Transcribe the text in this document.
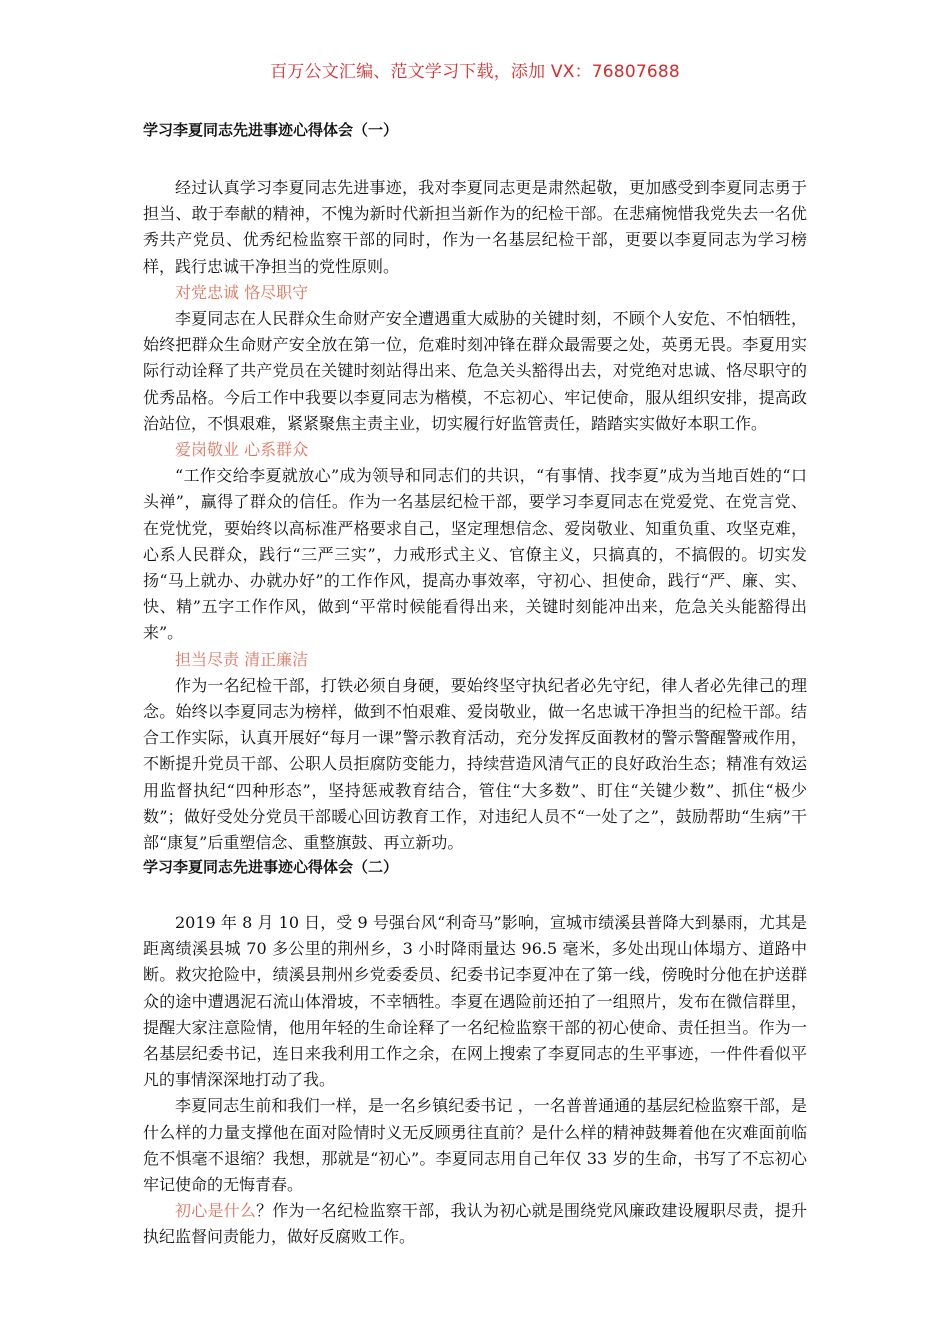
百万公文汇编、范文学习下载，添加 VX：76807688
学习李夏同志先进事迹心得体会（一）

经过认真学习李夏同志先进事迹，我对李夏同志更是肃然起敬，更加感受到李夏同志勇于担当、敢于奉献的精神，不愧为新时代新担当新作为的纪检干部。在悲痛惋惜我党失去一名优秀共产党员、优秀纪检监察干部的同时，作为一名基层纪检干部，更要以李夏同志为学习榜样，践行忠诚干净担当的党性原则。

对党忠诚 恪尽职守

李夏同志在人民群众生命财产安全遭遇重大威胁的关键时刻，不顾个人安危、不怕牺牲，始终把群众生命财产安全放在第一位，危难时刻冲锋在群众最需要之处，英勇无畏。李夏用实际行动诠释了共产党员在关键时刻站得出来、危急关头豁得出去，对党绝对忠诚、恪尽职守的优秀品格。今后工作中我要以李夏同志为楷模，不忘初心、牢记使命，服从组织安排，提高政治站位，不惧艰难，紧紧聚焦主责主业，切实履行好监管责任，踏踏实实做好本职工作。

爱岗敬业 心系群众

“工作交给李夏就放心”成为领导和同志们的共识，“有事情、找李夏”成为当地百姓的“口头禅”，赢得了群众的信任。作为一名基层纪检干部，要学习李夏同志在党爱党、在党言党、在党忧党，要始终以高标准严格要求自己，坚定理想信念、爱岗敬业、知重负重、攻坚克难，心系人民群众，践行“三严三实”，力戒形式主义、官僚主义，只搞真的，不搞假的。切实发扬“马上就办、办就办好”的工作作风，提高办事效率，守初心、担使命，践行“严、廉、实、快、精”五字工作作风，做到“平常时候能看得出来，关键时刻能冲出来，危急关头能豁得出来”。

担当尽责 清正廉洁

作为一名纪检干部，打铁必须自身硬，要始终坚守执纪者必先守纪，律人者必先律己的理念。始终以李夏同志为榜样，做到不怕艰难、爱岗敬业，做一名忠诚干净担当的纪检干部。结合工作实际，认真开展好“每月一课”警示教育活动，充分发挥反面教材的警示警醒警戒作用，不断提升党员干部、公职人员拒腐防变能力，持续营造风清气正的良好政治生态；精准有效运用监督执纪“四种形态”，坚持惩戒教育结合，管住“大多数”、盯住“关键少数”、抓住“极少数”；做好受处分党员干部暖心回访教育工作，对违纪人员不“一处了之”，鼓励帮助“生病”干部“康复”后重塑信念、重整旗鼓、再立新功。

学习李夏同志先进事迹心得体会（二）

2019 年 8 月 10 日，受 9 号强台风“利奇马”影响，宣城市绩溪县普降大到暴雨，尤其是距离绩溪县城 70 多公里的荆州乡，3 小时降雨量达 96.5 毫米，多处出现山体塌方、道路中断。救灾抢险中，绩溪县荆州乡党委委员、纪委书记李夏冲在了第一线，傍晚时分他在护送群众的途中遭遇泥石流山体滑坡，不幸牺牲。李夏在遇险前还拍了一组照片，发布在微信群里，提醒大家注意险情，他用年轻的生命诠释了一名纪检监察干部的初心使命、责任担当。作为一名基层纪委书记，连日来我利用工作之余，在网上搜索了李夏同志的生平事迹，一件件看似平凡的事情深深地打动了我。

李夏同志生前和我们一样，是一名乡镇纪委书记 ，一名普普通通的基层纪检监察干部，是什么样的力量支撑他在面对险情时义无反顾勇往直前？是什么样的精神鼓舞着他在灾难面前临危不惧毫不退缩？我想，那就是“初心”。李夏同志用自己年仅 33 岁的生命，书写了不忘初心牢记使命的无悔青春。

初心是什么？作为一名纪检监察干部，我认为初心就是围绕党风廉政建设履职尽责，提升执纪监督问责能力，做好反腐败工作。
